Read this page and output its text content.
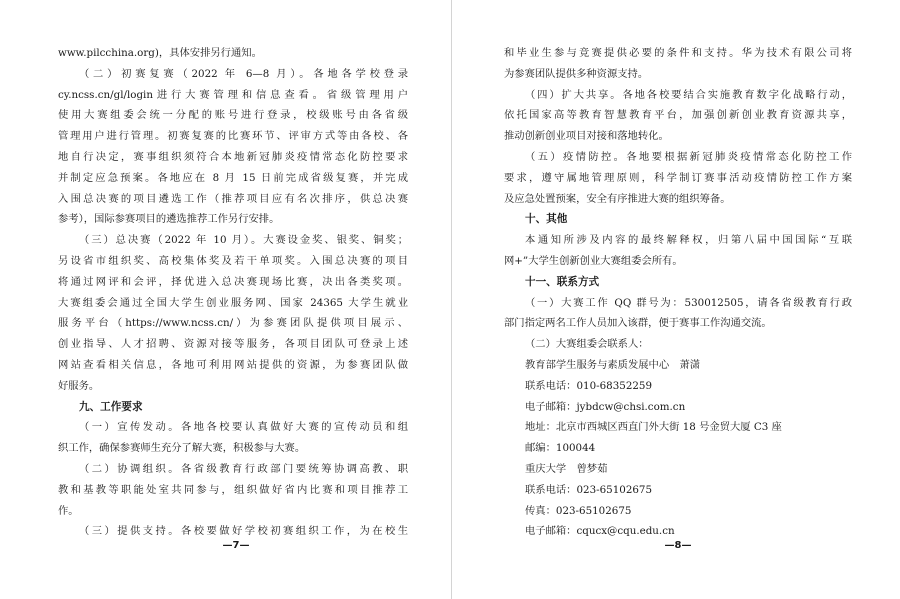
www.pilcchina.org)，具体安排另行通知。
（二）初赛复赛（2022 年 6—8 月）。各地各学校登录
cy.ncss.cn/gl/login进行大赛管理和信息查看。省级管理用户
使用大赛组委会统一分配的账号进行登录，校级账号由各省级
管理用户进行管理。初赛复赛的比赛环节、评审方式等由各校、各
地自行决定，赛事组织须符合本地新冠肺炎疫情常态化防控要求
并制定应急预案。各地应在 8 月 15 日前完成省级复赛，并完成
入围总决赛的项目遴选工作（推荐项目应有名次排序，供总决赛
参考），国际参赛项目的遴选推荐工作另行安排。
（三）总决赛（2022 年 10 月）。大赛设金奖、银奖、铜奖；
另设省市组织奖、高校集体奖及若干单项奖。入围总决赛的项目
将通过网评和会评，择优进入总决赛现场比赛，决出各类奖项。
大赛组委会通过全国大学生创业服务网、国家 24365 大学生就业
服务平台（https://www.ncss.cn/）为参赛团队提供项目展示、
创业指导、人才招聘、资源对接等服务，各项目团队可登录上述
网站查看相关信息，各地可利用网站提供的资源，为参赛团队做
好服务。
九、工作要求
（一）宣传发动。各地各校要认真做好大赛的宣传动员和组
织工作，确保参赛师生充分了解大赛，积极参与大赛。
（二）协调组织。各省级教育行政部门要统筹协调高教、职
教和基教等职能处室共同参与，组织做好省内比赛和项目推荐工
作。
（三）提供支持。各校要做好学校初赛组织工作，为在校生
—7—
和毕业生参与竞赛提供必要的条件和支持。华为技术有限公司将
为参赛团队提供多种资源支持。
（四）扩大共享。各地各校要结合实施教育数字化战略行动，
依托国家高等教育智慧教育平台，加强创新创业教育资源共享，
推动创新创业项目对接和落地转化。
（五）疫情防控。各地要根据新冠肺炎疫情常态化防控工作
要求，遵守属地管理原则，科学制订赛事活动疫情防控工作方案
及应急处置预案，安全有序推进大赛的组织筹备。
十、其他
本通知所涉及内容的最终解释权，归第八届中国国际“互联
网+”大学生创新创业大赛组委会所有。
十一、联系方式
（一）大赛工作 QQ 群号为：530012505，请各省级教育行政
部门指定两名工作人员加入该群，便于赛事工作沟通交流。
（二）大赛组委会联系人：
教育部学生服务与素质发展中心　萧潇
联系电话：010-68352259
电子邮箱：jybdcw@chsi.com.cn
地址：北京市西城区西直门外大街 18 号金贸大厦 C3 座
邮编：100044
重庆大学　曾梦茹
联系电话：023-65102675
传真：023-65102675
电子邮箱：cqucx@cqu.edu.cn
—8—
